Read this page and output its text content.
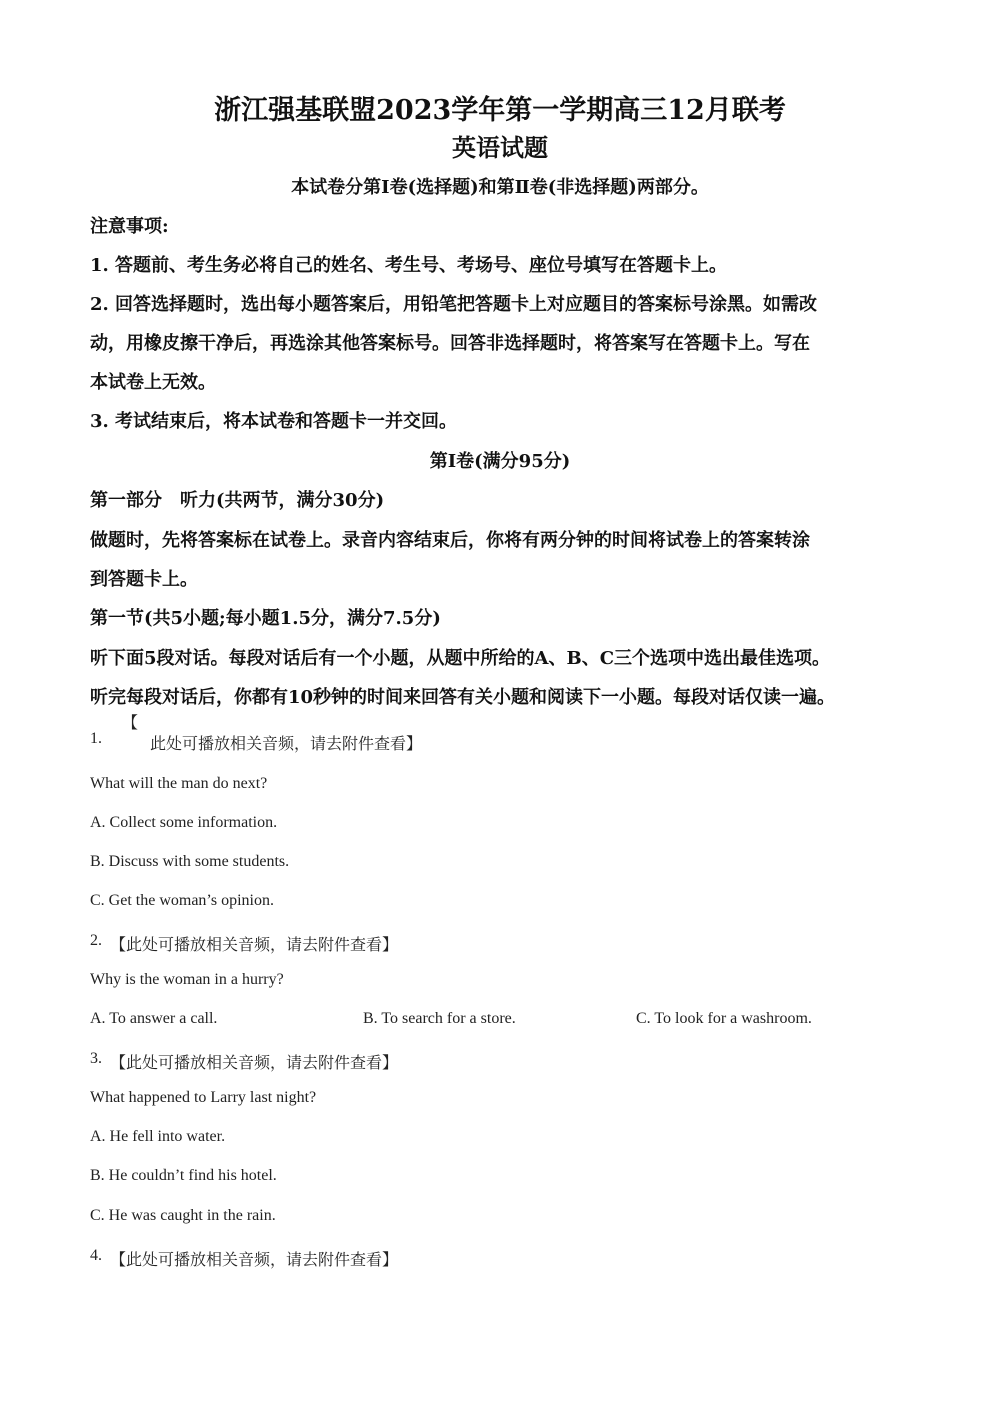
浙江强基联盟2023学年第一学期高三12月联考
英语试题
本试卷分第Ⅰ卷(选择题)和第Ⅱ卷(非选择题)两部分。
注意事项:
1. 答题前、考生务必将自己的姓名、考生号、考场号、座位号填写在答题卡上。
2. 回答选择题时，选出每小题答案后，用铅笔把答题卡上对应题目的答案标号涂黑。如需改
动，用橡皮擦干净后，再选涂其他答案标号。回答非选择题时，将答案写在答题卡上。写在
本试卷上无效。
3. 考试结束后，将本试卷和答题卡一并交回。
第Ⅰ卷(满分95分)
第一部分　听力(共两节，满分30分)
做题时，先将答案标在试卷上。录音内容结束后，你将有两分钟的时间将试卷上的答案转涂
到答题卡上。
第一节(共5小题;每小题1.5分，满分7.5分)
听下面5段对话。每段对话后有一个小题，从题中所给的A、B、C三个选项中选出最佳选项。
听完每段对话后，你都有10秒钟的时间来回答有关小题和阅读下一小题。每段对话仅读一遍。
1.
【
此处可播放相关音频，请去附件查看】
What will the man do next?
A. Collect some information.
B. Discuss with some students.
C. Get the woman’s opinion.
2. 【此处可播放相关音频，请去附件查看】
Why is the woman in a hurry?
A. To answer a call.	B. To search for a store.	C. To look for a washroom.
3. 【此处可播放相关音频，请去附件查看】
What happened to Larry last night?
A. He fell into water.
B. He couldn’t find his hotel.
C. He was caught in the rain.
4. 【此处可播放相关音频，请去附件查看】
